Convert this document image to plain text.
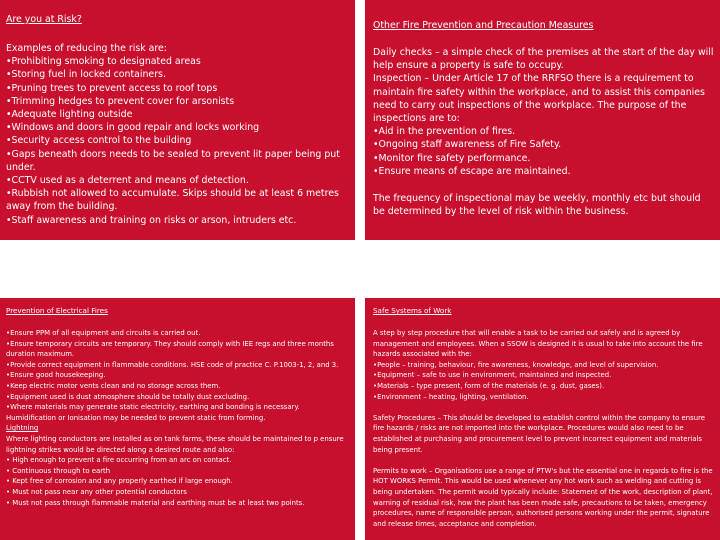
Are you at Risk?

Examples of reducing the risk are:

•Prohibiting smoking to designated areas

•Storing fuel in locked containers.

•Pruning trees to prevent access to roof tops

•Trimming hedges to prevent cover for arsonists

•Adequate lighting outside

•Windows and doors in good repair and locks working

•Security access control to the building

•Gaps beneath doors needs to be sealed to prevent lit paper being put under.

•CCTV used as a deterrent and means of detection.

•Rubbish not allowed to accumulate. Skips should be at least 6 metres away from the building.

•Staff awareness and training on risks or arson, intruders etc.

Other Fire Prevention and Precaution Measures

Daily checks – a simple check of the premises at the start of the day will help ensure a property is safe to occupy.

Inspection – Under Article 17 of the RRFSO there is a requirement to maintain fire safety within the workplace, and to assist this companies need to carry out inspections of the workplace. The purpose of the inspections are to:

•Aid in the prevention of fires.

•Ongoing staff awareness of Fire Safety.

•Monitor fire safety performance.

•Ensure means of escape are maintained.

The frequency of inspectional may be weekly, monthly etc but should be determined by the level of risk within the business.

Prevention of Electrical Fires

•Ensure PPM of all equipment and circuits is carried out.

•Ensure temporary circuits are temporary. They should comply with IEE regs and three months duration maximum.

•Provide correct equipment in flammable conditions. HSE code of practice C. P.1003-1, 2, and 3.

•Ensure good housekeeping.

•Keep electric motor vents clean and no storage across them.

•Equipment used is dust atmosphere should be totally dust excluding.

•Where materials may generate static electricity, earthing and bonding is necessary. Humidification or Ionisation may be needed to prevent static from forming.

Lightning

Where lighting conductors are installed as on tank farms, these should be maintained to p ensure lightning strikes would be directed along a desired route and also:

• High enough to prevent a fire occurring from an arc on contact.

• Continuous through to earth

• Kept free of corrosion and any properly earthed if large enough.

• Must not pass near any other potential conductors

• Must not pass through flammable material and earthing must be at least two points.

Safe Systems of Work

A step by step procedure that will enable a task to be carried out safely and is agreed by management and employees. When a SSOW is designed it is usual to take into account the fire hazards associated with the:

•People – training, behaviour, fire awareness, knowledge, and level of supervision.

•Equipment – safe to use in environment, maintained and inspected.

•Materials – type present, form of the materials (e. g. dust, gases).

•Environment – heating, lighting, ventilation.

Safety Procedures – This should be developed to establish control within the company to ensure fire hazards / risks are not imported into the workplace. Procedures would also need to be established at purchasing and procurement level to prevent incorrect equipment and materials being present.

Permits to work – Organisations use a range of PTW's but the essential one in regards to fire is the HOT WORKS Permit. This would be used whenever any hot work such as welding and cutting is being undertaken. The permit would typically include: Statement of the work, description of plant, warning of residual risk, how the plant has been made safe, precautions to be taken, emergency procedures, name of responsible person, authorised persons working under the permit, signature and release times, acceptance and completion.
